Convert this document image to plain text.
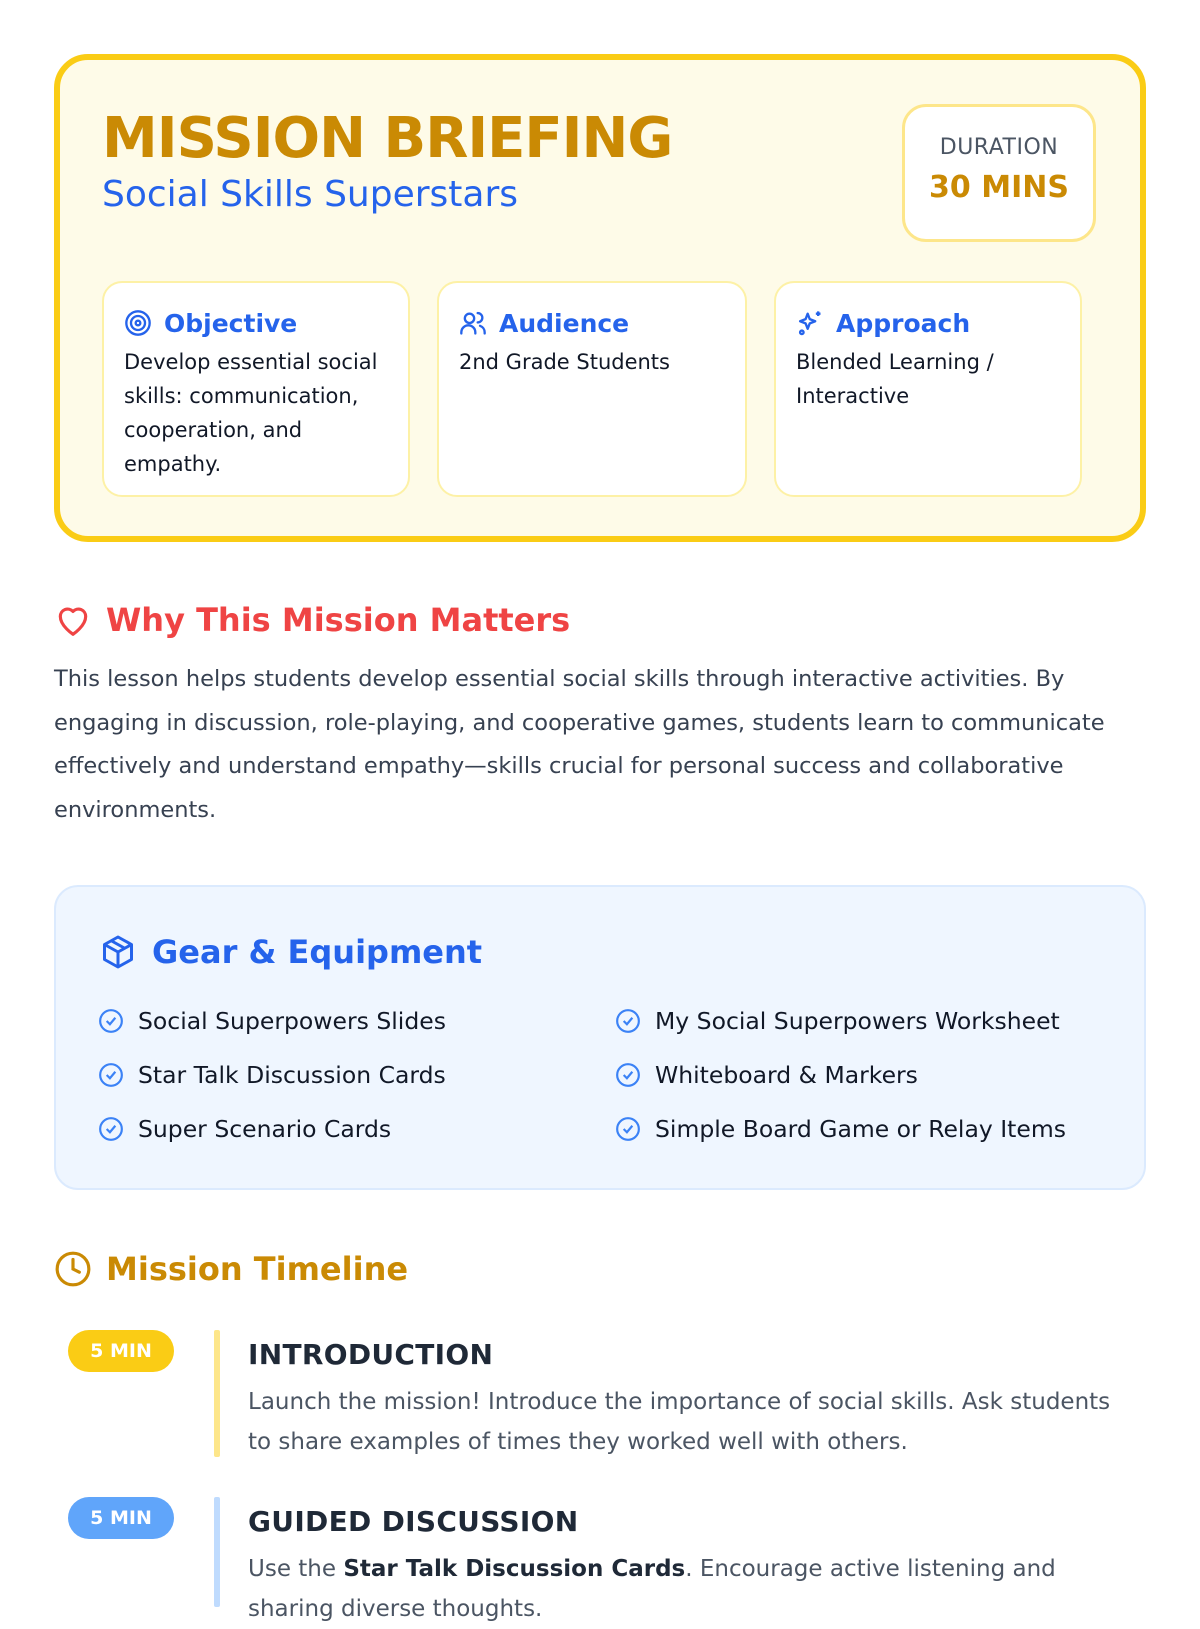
MISSION BRIEFING
Social Skills Superstars
DURATION
30 MINS
Objective
Develop essential social skills: communication, cooperation, and empathy.
Audience
2nd Grade Students
Approach
Blended Learning / Interactive
Why This Mission Matters

This lesson helps students develop essential social skills through interactive activities. By engaging in discussion, role-playing, and cooperative games, students learn to communicate effectively and understand empathy—skills crucial for personal success and collaborative environments.

Gear & Equipment
Social Superpowers Slides	My Social Superpowers Worksheet
Star Talk Discussion Cards	Whiteboard & Markers
Super Scenario Cards	Simple Board Game or Relay Items
Mission Timeline
5 MIN	INTRODUCTION
Launch the mission! Introduce the importance of social skills. Ask students to share examples of times they worked well with others.
5 MIN	GUIDED DISCUSSION
Use the Star Talk Discussion Cards. Encourage active listening and sharing diverse thoughts.
